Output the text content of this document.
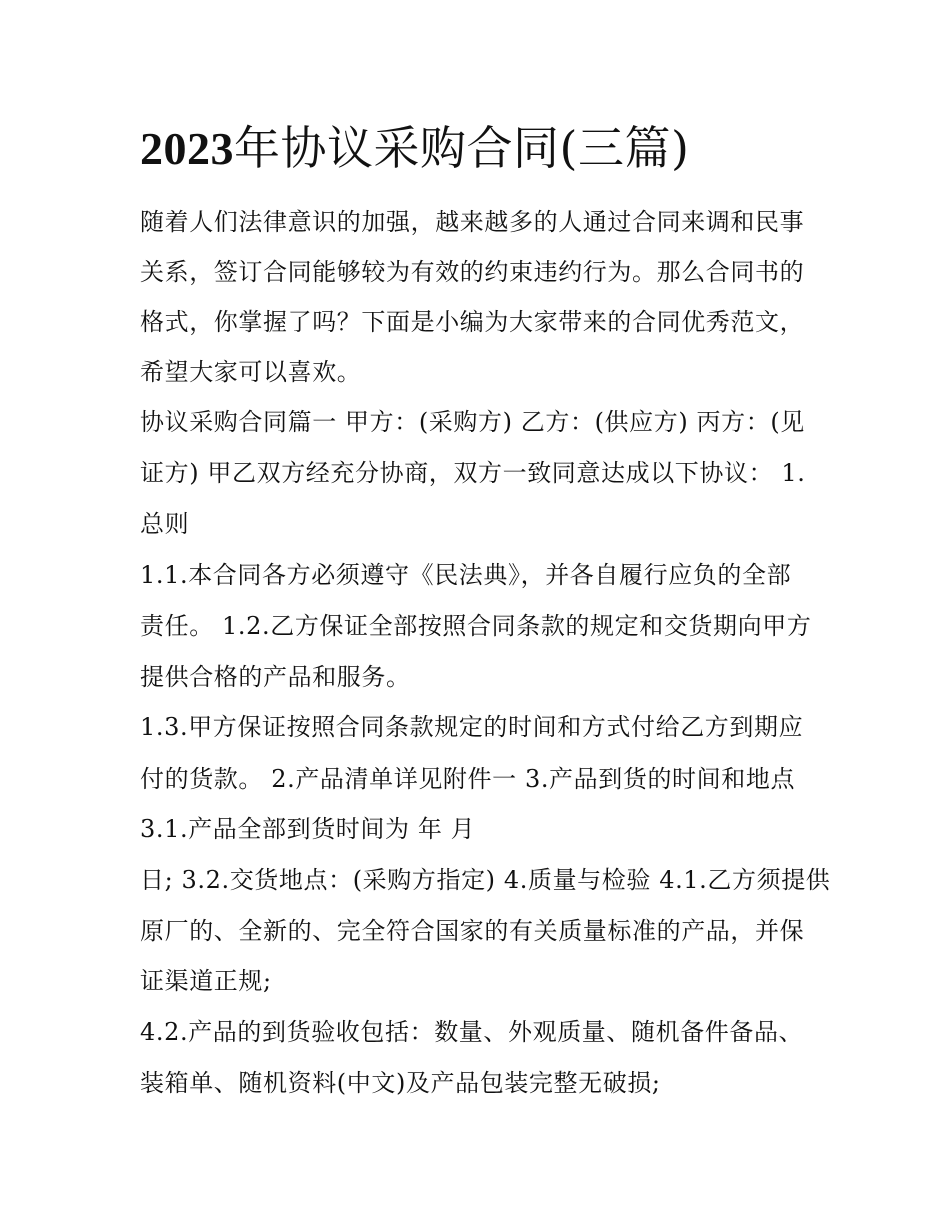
2023年协议采购合同(三篇)

随着人们法律意识的加强，越来越多的人通过合同来调和民事

关系，签订合同能够较为有效的约束违约行为。那么合同书的

格式，你掌握了吗？下面是小编为大家带来的合同优秀范文，

希望大家可以喜欢。

协议采购合同篇一 甲方：(采购方) 乙方：(供应方) 丙方：(见

证方) 甲乙双方经充分协商，双方一致同意达成以下协议： 1.

总则

1.1.本合同各方必须遵守《民法典》，并各自履行应负的全部

责任。 1.2.乙方保证全部按照合同条款的规定和交货期向甲方

提供合格的产品和服务。

1.3.甲方保证按照合同条款规定的时间和方式付给乙方到期应

付的货款。 2.产品清单详见附件一 3.产品到货的时间和地点

3.1.产品全部到货时间为 年 月

日; 3.2.交货地点：(采购方指定) 4.质量与检验 4.1.乙方须提供

原厂的、全新的、完全符合国家的有关质量标准的产品，并保

证渠道正规;

4.2.产品的到货验收包括：数量、外观质量、随机备件备品、

装箱单、随机资料(中文)及产品包装完整无破损;
